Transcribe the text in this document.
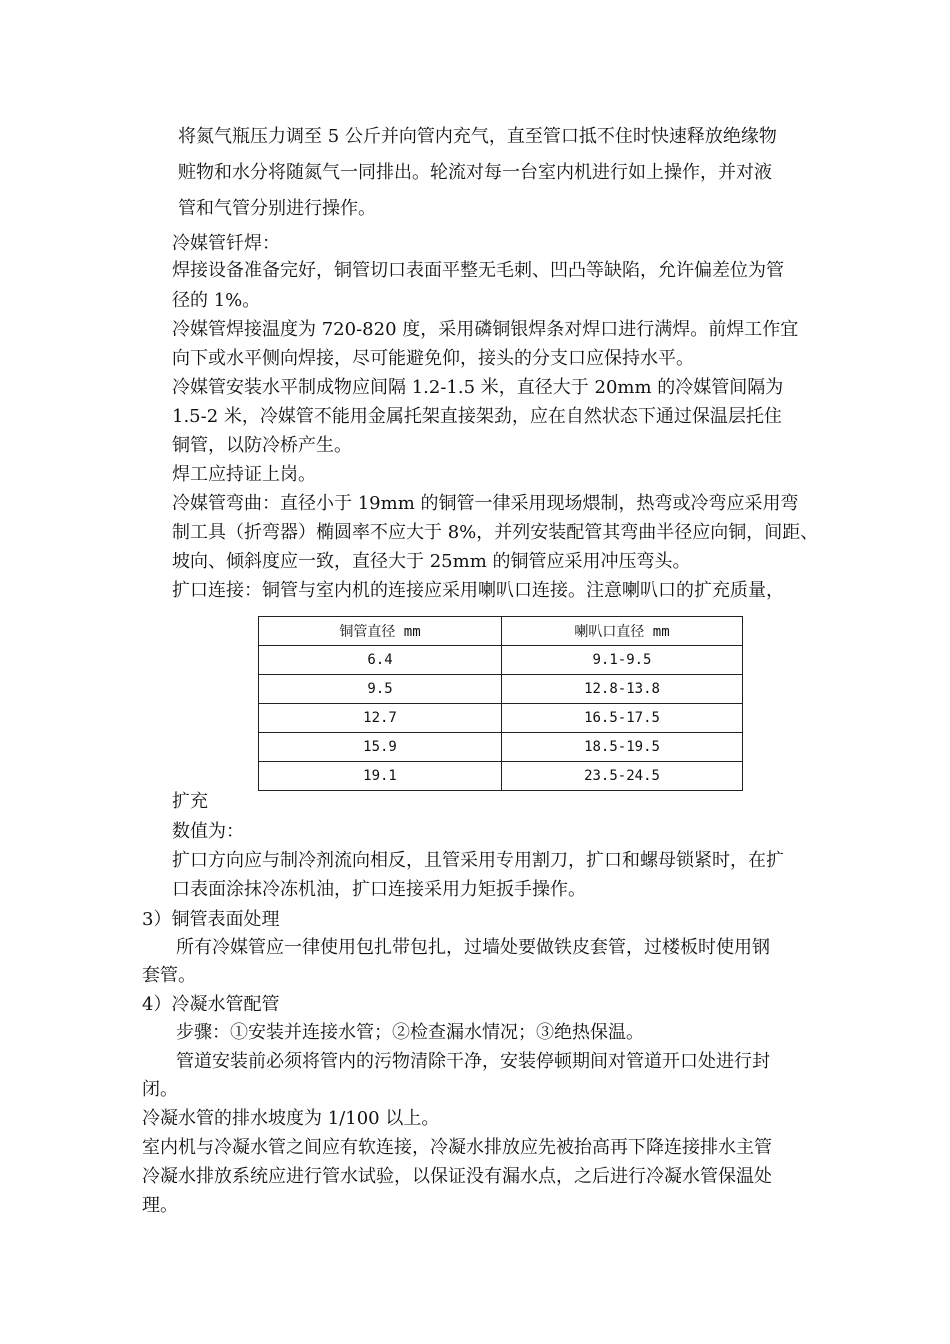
将氮气瓶压力调至 5 公斤并向管内充气，直至管口抵不住时快速释放绝缘物

赃物和水分将随氮气一同排出。轮流对每一台室内机进行如上操作，并对液

管和气管分别进行操作。

冷媒管钎焊：

焊接设备准备完好，铜管切口表面平整无毛刺、凹凸等缺陷，允许偏差位为管

径的 1%。

冷媒管焊接温度为 720-820 度，采用磷铜银焊条对焊口进行满焊。前焊工作宜

向下或水平侧向焊接，尽可能避免仰，接头的分支口应保持水平。

冷媒管安装水平制成物应间隔 1.2-1.5 米，直径大于 20mm 的冷媒管间隔为

1.5-2 米，冷媒管不能用金属托架直接架劲，应在自然状态下通过保温层托住

铜管，以防冷桥产生。

焊工应持证上岗。

冷媒管弯曲：直径小于 19mm 的铜管一律采用现场煨制，热弯或冷弯应采用弯

制工具（折弯器）椭圆率不应大于 8%，并列安装配管其弯曲半径应向铜，间距、

坡向、倾斜度应一致，直径大于 25mm 的铜管应采用冲压弯头。

扩口连接：铜管与室内机的连接应采用喇叭口连接。注意喇叭口的扩充质量，

铜管直径 mm	喇叭口直径 mm
6.4	9.1-9.5
9.5	12.8-13.8
12.7	16.5-17.5
15.9	18.5-19.5
19.1	23.5-24.5

扩充

数值为：

扩口方向应与制冷剂流向相反，且管采用专用割刀，扩口和螺母锁紧时，在扩

口表面涂抹冷冻机油，扩口连接采用力矩扳手操作。

3）铜管表面处理

所有冷媒管应一律使用包扎带包扎，过墙处要做铁皮套管，过楼板时使用钢

套管。

4）冷凝水管配管

步骤：①安装并连接水管；②检查漏水情况；③绝热保温。

管道安装前必须将管内的污物清除干净，安装停顿期间对管道开口处进行封

闭。

冷凝水管的排水坡度为 1/100 以上。

室内机与冷凝水管之间应有软连接，冷凝水排放应先被抬高再下降连接排水主管

冷凝水排放系统应进行管水试验，以保证没有漏水点，之后进行冷凝水管保温处

理。
